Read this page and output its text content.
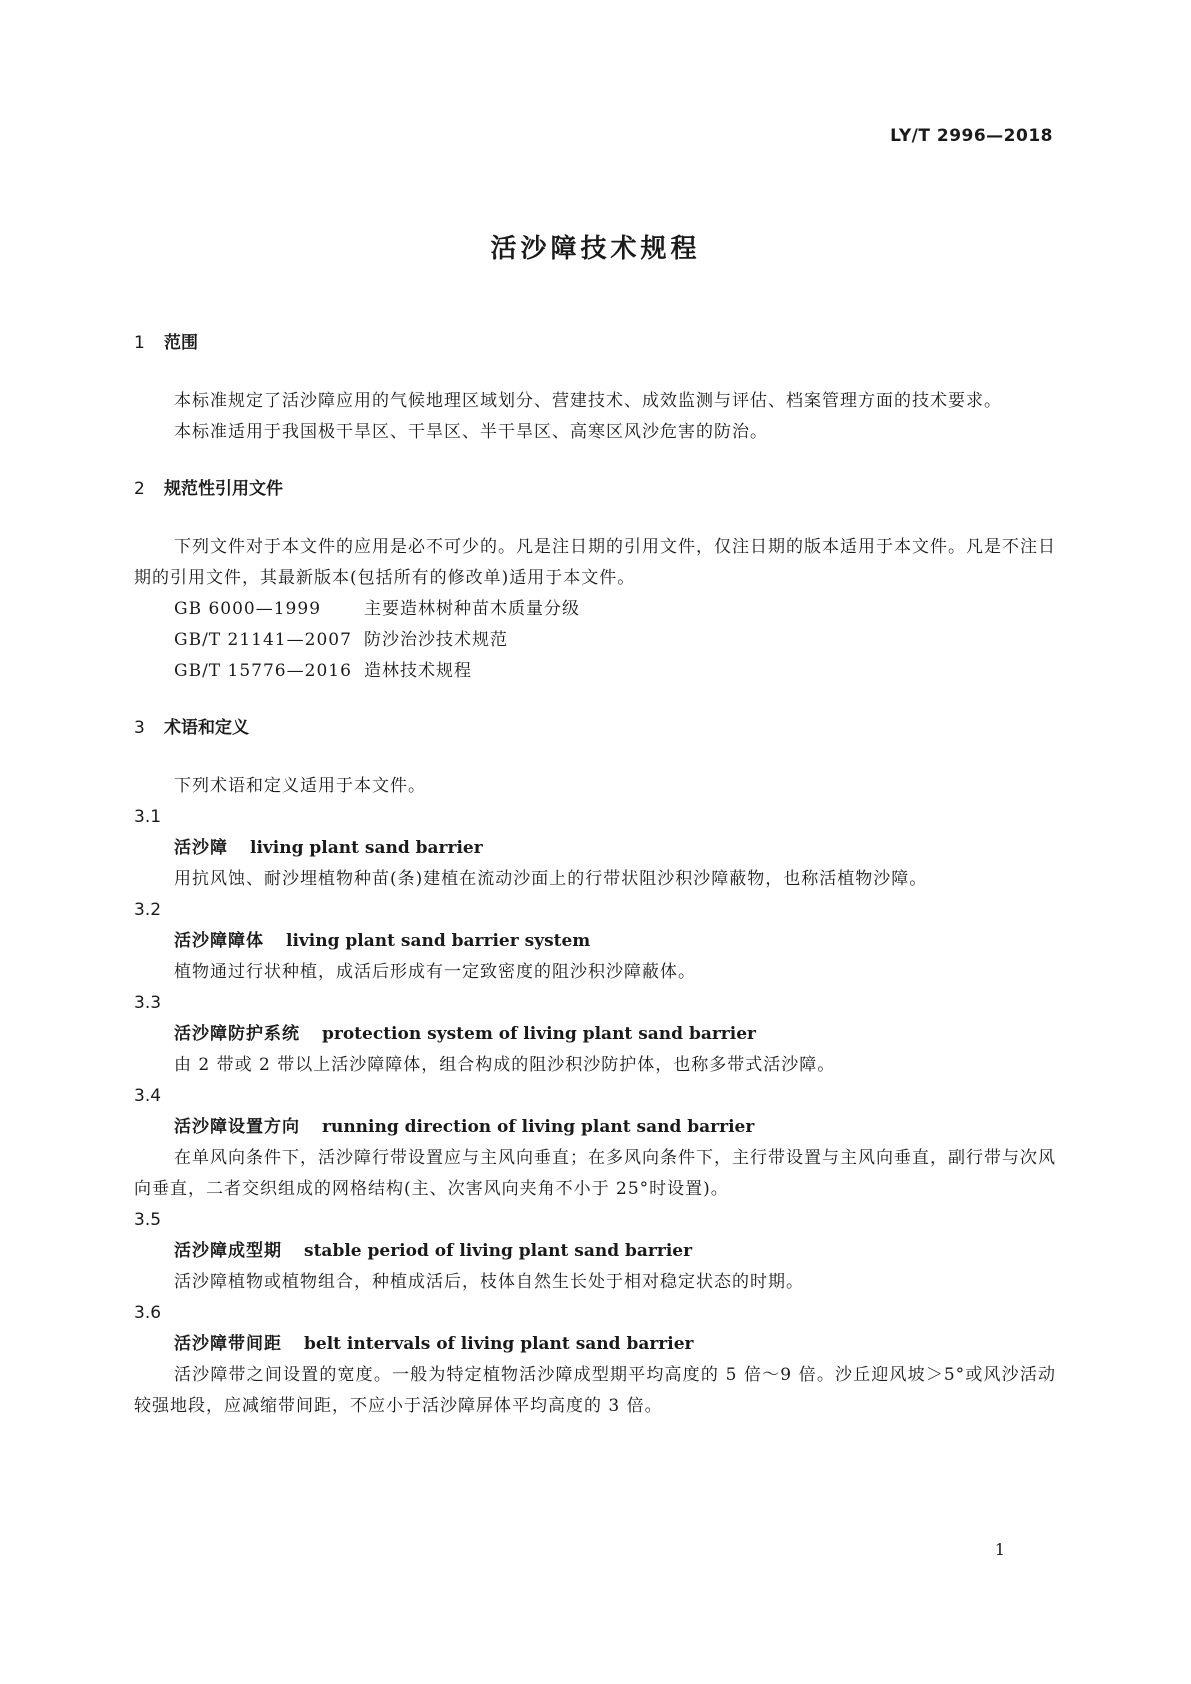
LY/T 2996—2018
活沙障技术规程
1 范围
本标准规定了活沙障应用的气候地理区域划分、营建技术、成效监测与评估、档案管理方面的技术要求。
本标准适用于我国极干旱区、干旱区、半干旱区、高寒区风沙危害的防治。
2 规范性引用文件
下列文件对于本文件的应用是必不可少的。凡是注日期的引用文件，仅注日期的版本适用于本文件。凡是不注日期的引用文件，其最新版本(包括所有的修改单)适用于本文件。
GB 6000—1999	主要造林树种苗木质量分级
GB/T 21141—2007 防沙治沙技术规范
GB/T 15776—2016 造林技术规程
3 术语和定义
下列术语和定义适用于本文件。
3.1
活沙障 living plant sand barrier
用抗风蚀、耐沙埋植物种苗(条)建植在流动沙面上的行带状阻沙积沙障蔽物，也称活植物沙障。
3.2
活沙障障体 living plant sand barrier system
植物通过行状种植，成活后形成有一定致密度的阻沙积沙障蔽体。
3.3
活沙障防护系统 protection system of living plant sand barrier
由 2 带或 2 带以上活沙障障体，组合构成的阻沙积沙防护体，也称多带式活沙障。
3.4
活沙障设置方向 running direction of living plant sand barrier
在单风向条件下，活沙障行带设置应与主风向垂直；在多风向条件下，主行带设置与主风向垂直，副行带与次风向垂直，二者交织组成的网格结构(主、次害风向夹角不小于 25°时设置)。
3.5
活沙障成型期 stable period of living plant sand barrier
活沙障植物或植物组合，种植成活后，枝体自然生长处于相对稳定状态的时期。
3.6
活沙障带间距 belt intervals of living plant sand barrier
活沙障带之间设置的宽度。一般为特定植物活沙障成型期平均高度的 5 倍～9 倍。沙丘迎风坡＞5°或风沙活动较强地段，应减缩带间距，不应小于活沙障屏体平均高度的 3 倍。
1
